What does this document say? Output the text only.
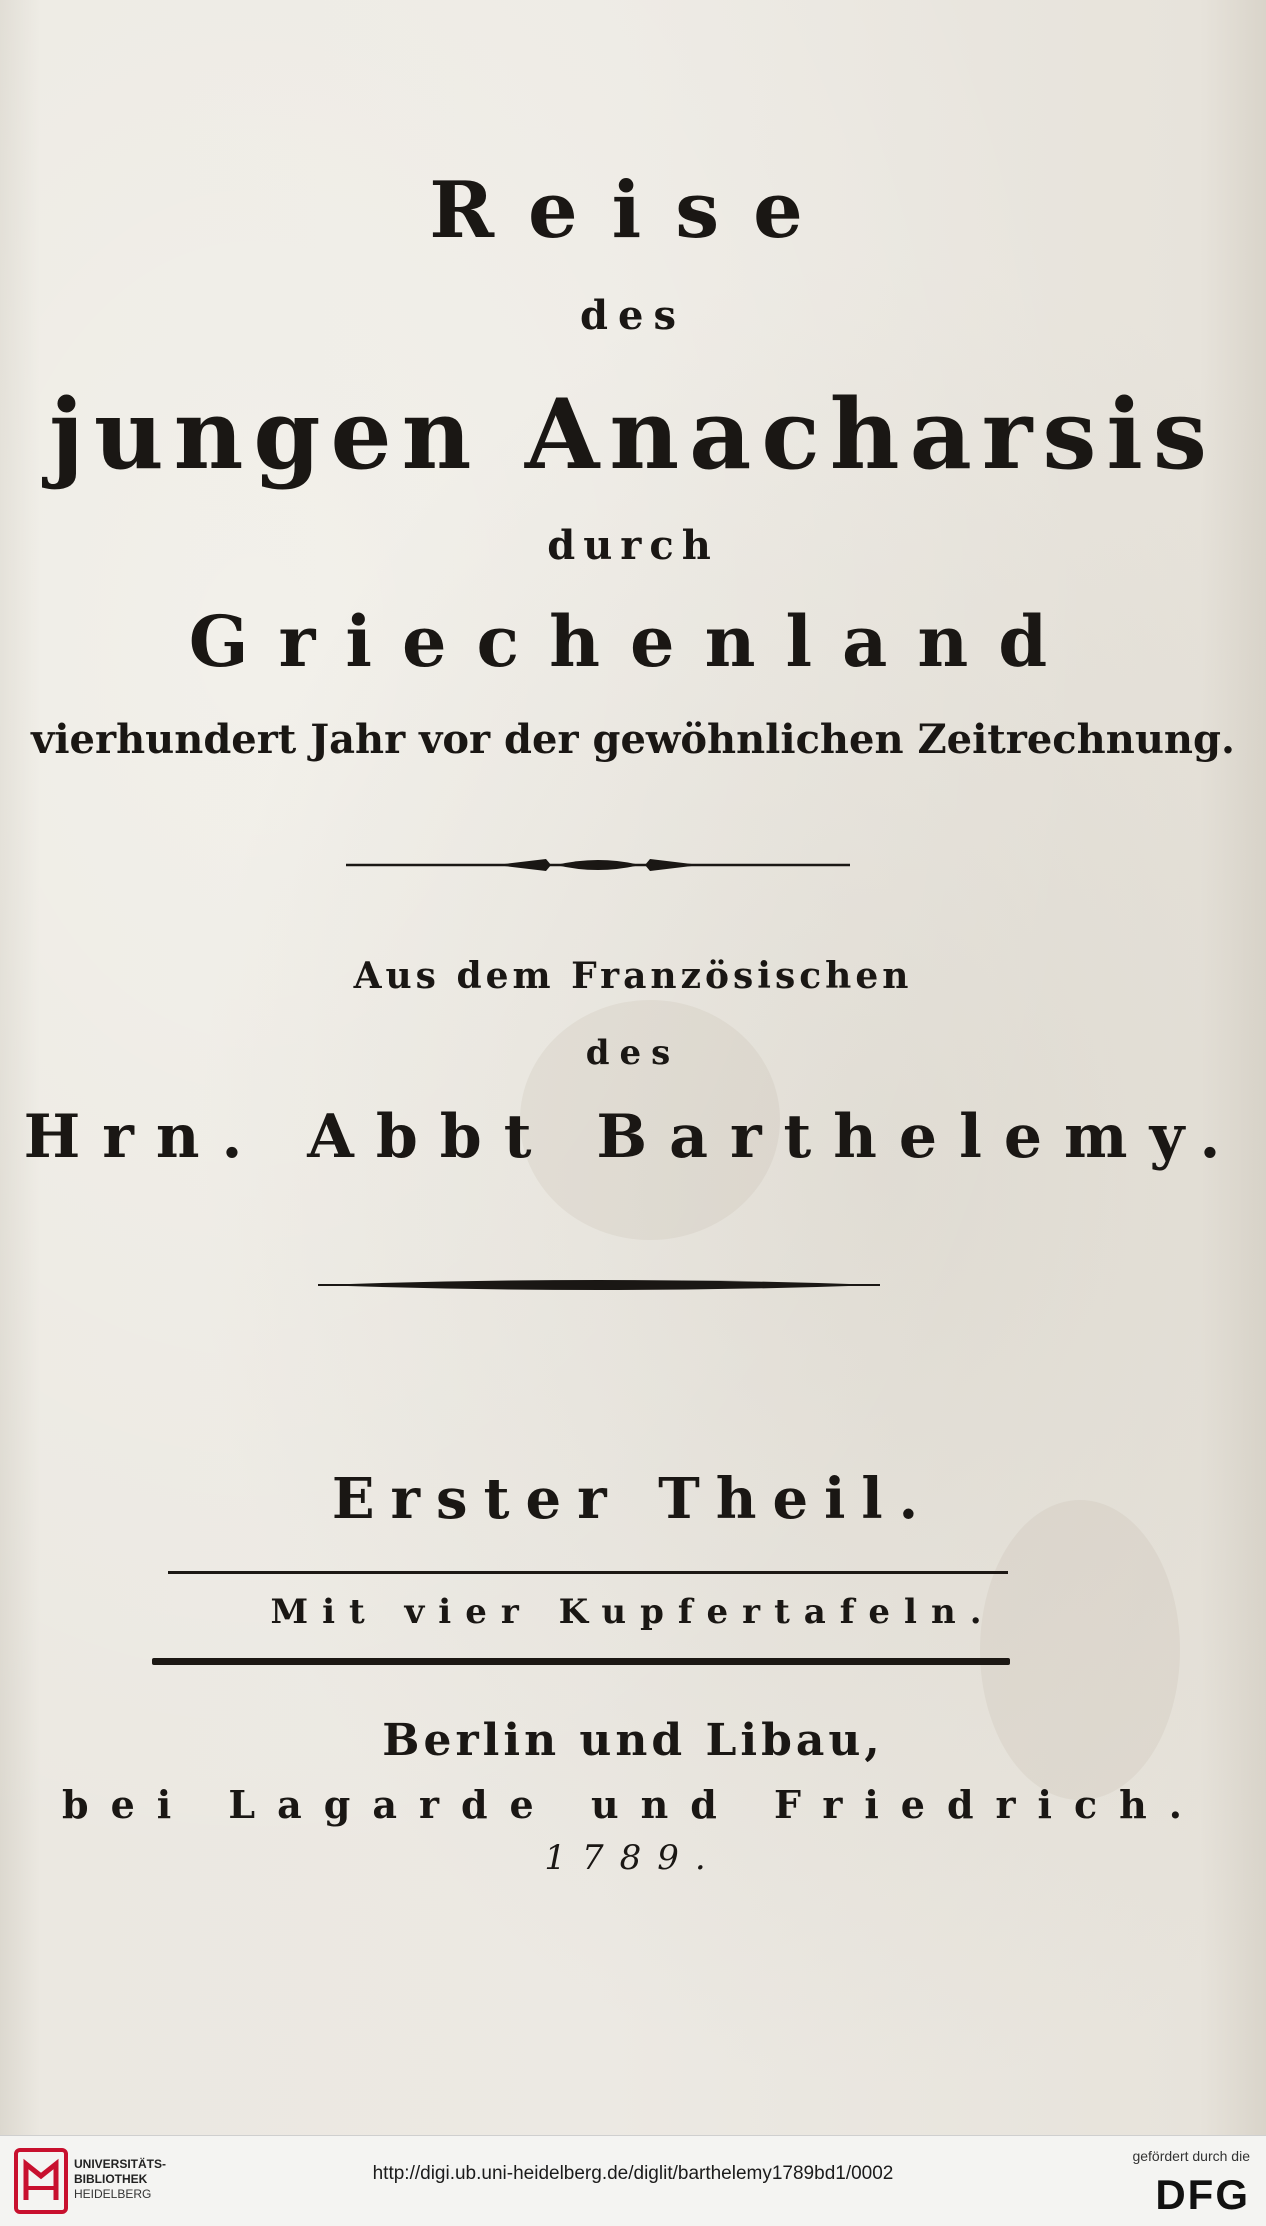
Reise
des
jungen Anacharsis
durch
Griechenland
vierhundert Jahr vor der gewöhnlichen Zeitrechnung.
Aus dem Französischen
des
Hrn. Abbt Barthelemy.
Erster Theil.
Mit vier Kupfertafeln.
Berlin und Libau,
bei Lagarde und Friedrich.
1789.
UNIVERSITÄTS-
BIBLIOTHEK
HEIDELBERG
http://digi.ub.uni-heidelberg.de/diglit/barthelemy1789bd1/0002
gefördert durch die
DFG
